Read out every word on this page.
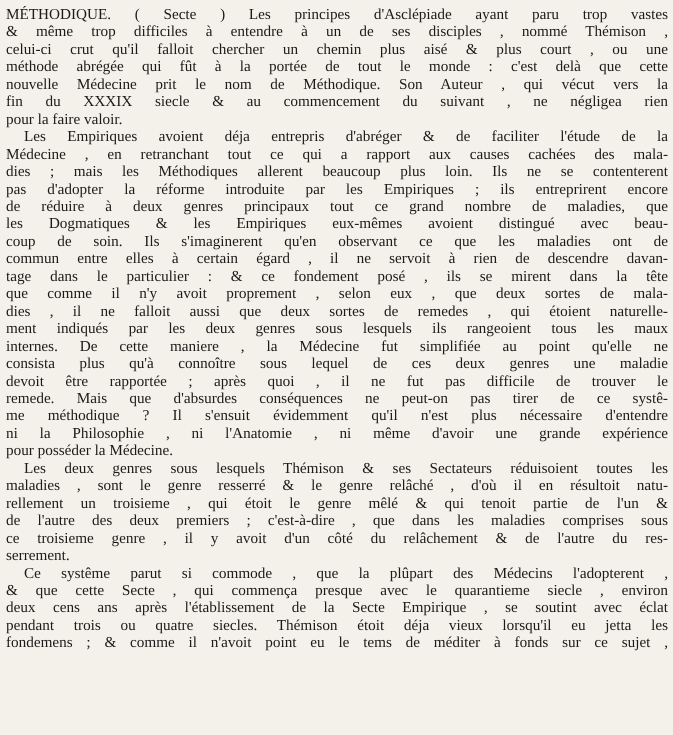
MÉTHODIQUE. ( Secte ) Les principes d'Asclépiade ayant paru trop vastes
& même trop difficiles à entendre à un de ses disciples , nommé Thémison ,
celui-ci crut qu'il falloit chercher un chemin plus aisé & plus court , ou une
méthode abrégée qui fût à la portée de tout le monde : c'est delà que cette
nouvelle Médecine prit le nom de Méthodique. Son Auteur , qui vécut vers la
fin du XXXIX siecle & au commencement du suivant , ne négligea rien
pour la faire valoir.
Les Empiriques avoient déja entrepris d'abréger & de faciliter l'étude de la
Médecine , en retranchant tout ce qui a rapport aux causes cachées des mala-
dies ; mais les Méthodiques allerent beaucoup plus loin. Ils ne se contenterent
pas d'adopter la réforme introduite par les Empiriques ; ils entreprirent encore
de réduire à deux genres principaux tout ce grand nombre de maladies, que
les Dogmatiques & les Empiriques eux-mêmes avoient distingué avec beau-
coup de soin. Ils s'imaginerent qu'en observant ce que les maladies ont de
commun entre elles à certain égard , il ne servoit à rien de descendre davan-
tage dans le particulier : & ce fondement posé , ils se mirent dans la tête
que comme il n'y avoit proprement , selon eux , que deux sortes de mala-
dies , il ne falloit aussi que deux sortes de remedes , qui étoient naturelle-
ment indiqués par les deux genres sous lesquels ils rangeoient tous les maux
internes. De cette maniere , la Médecine fut simplifiée au point qu'elle ne
consista plus qu'à connoître sous lequel de ces deux genres une maladie
devoit être rapportée ; après quoi , il ne fut pas difficile de trouver le
remede. Mais que d'absurdes conséquences ne peut-on pas tirer de ce systê-
me méthodique ? Il s'ensuit évidemment qu'il n'est plus nécessaire d'entendre
ni la Philosophie , ni l'Anatomie , ni même d'avoir une grande expérience
pour posséder la Médecine.
Les deux genres sous lesquels Thémison & ses Sectateurs réduisoient toutes les
maladies , sont le genre resserré & le genre relâché , d'où il en résultoit natu-
rellement un troisieme , qui étoit le genre mêlé & qui tenoit partie de l'un &
de l'autre des deux premiers ; c'est-à-dire , que dans les maladies comprises sous
ce troisieme genre , il y avoit d'un côté du relâchement & de l'autre du res-
serrement.
Ce systême parut si commode , que la plûpart des Médecins l'adopterent ,
& que cette Secte , qui commença presque avec le quarantieme siecle , environ
deux cens ans après l'établissement de la Secte Empirique , se soutint avec éclat
pendant trois ou quatre siecles. Thémison étoit déja vieux lorsqu'il eu jetta les
fondemens ; & comme il n'avoit point eu le tems de méditer à fonds sur ce sujet ,
